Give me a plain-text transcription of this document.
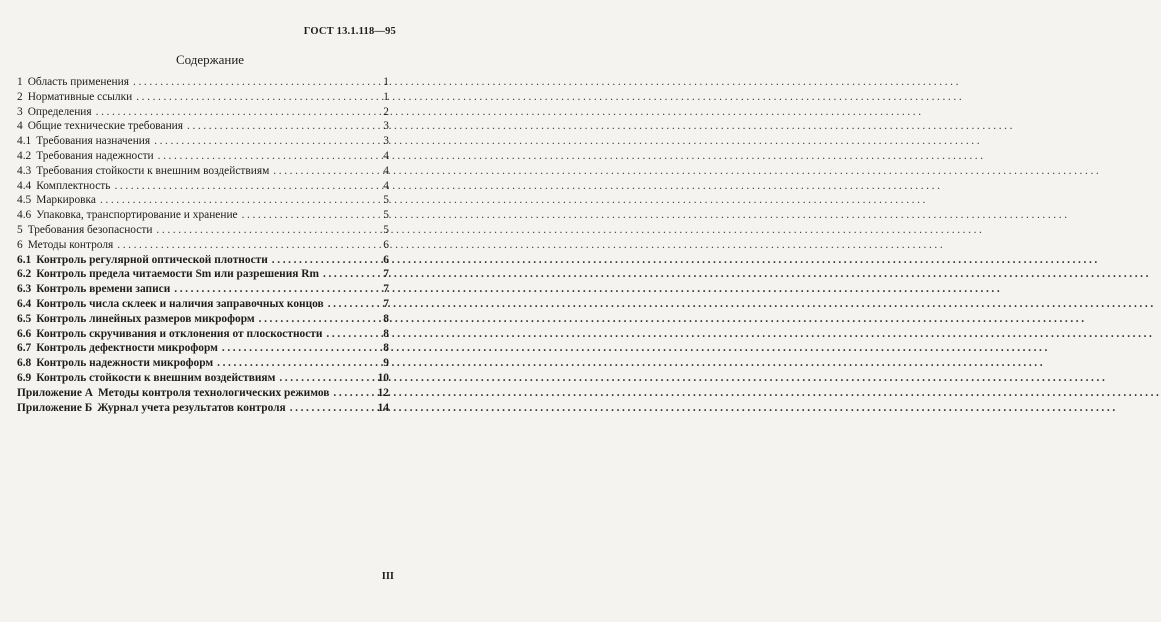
ГОСТ 13.1.118—95
Содержание
1 Область применения .....	1
2 Нормативные ссылки .....	1
3 Определения .....	2
4 Общие технические требования .....	3
4.1 Требования назначения .....	3
4.2 Требования надежности .....	4
4.3 Требования стойкости к внешним воздействиям .....	4
4.4 Комплектность .....	4
4.5 Маркировка .....	5
4.6 Упаковка, транспортирование и хранение .....	5
5 Требования безопасности .....	5
6 Методы контроля .....	6
6.1 Контроль регулярной оптической плотности .....	6
6.2 Контроль предела читаемости Sm или разрешения Rm .....	7
6.3 Контроль времени записи .....	7
6.4 Контроль числа склеек и наличия заправочных концов .....	7
6.5 Контроль линейных размеров микроформ .....	8
6.6 Контроль скручивания и отклонения от плоскостности .....	8
6.7 Контроль дефектности микроформ .....	8
6.8 Контроль надежности микроформ .....	9
6.9 Контроль стойкости к внешним воздействиям .....	10
Приложение А Методы контроля технологических режимов .....	12
Приложение Б Журнал учета результатов контроля .....	14
III
